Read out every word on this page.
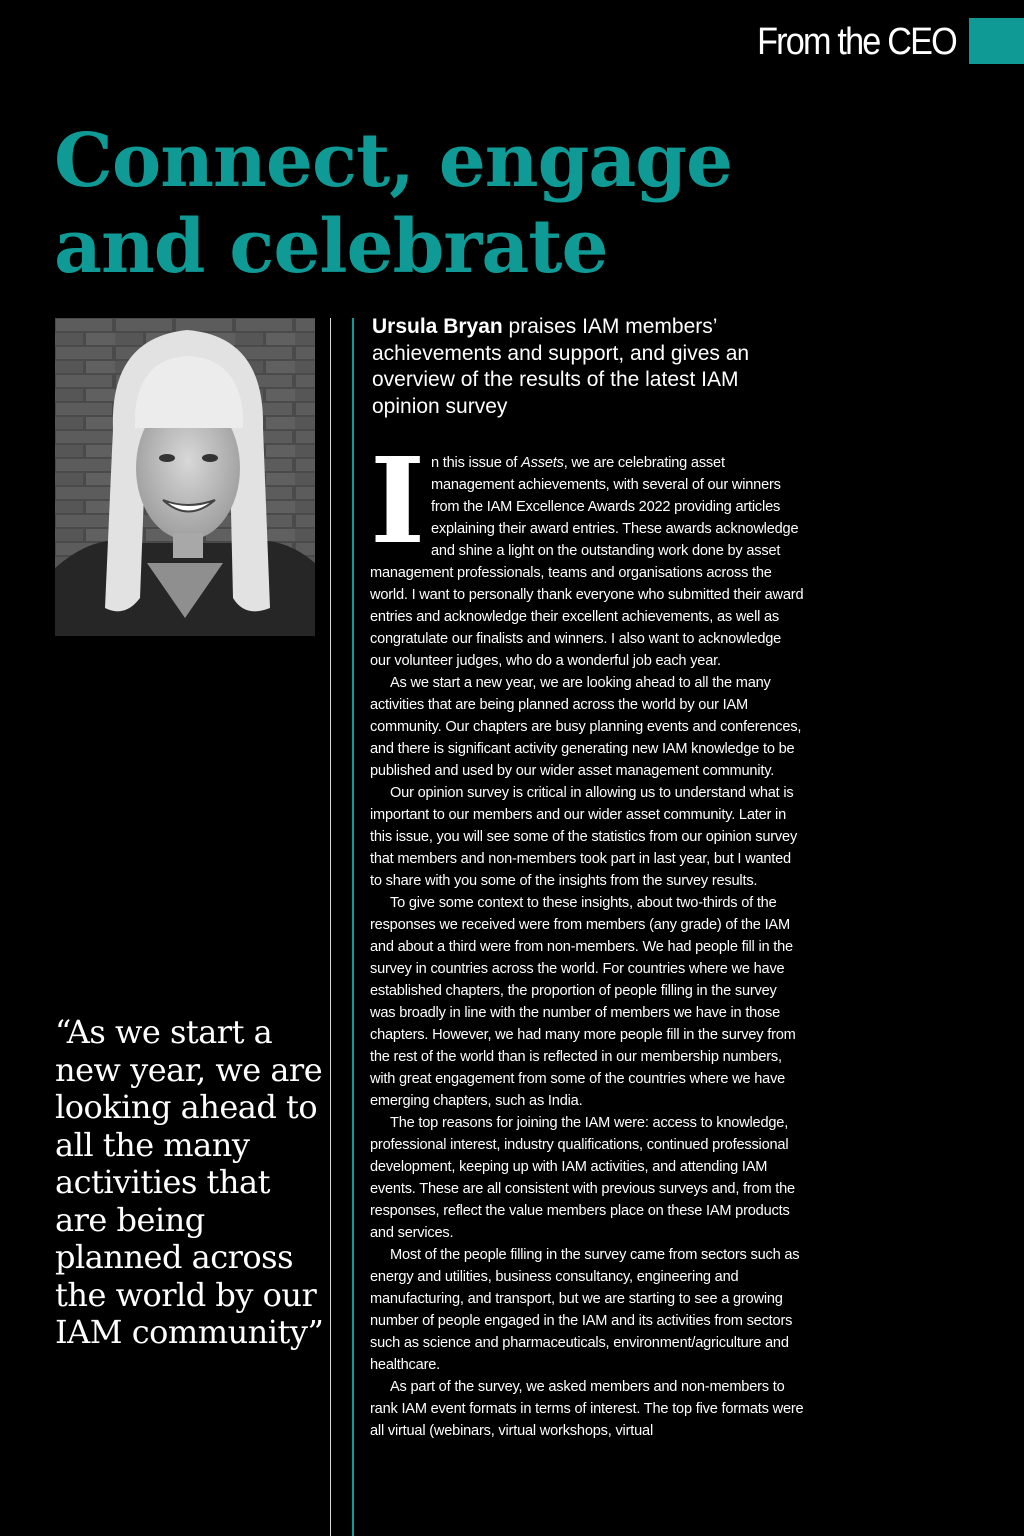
From the CEO
Connect, engage
and celebrate

Ursula Bryan praises IAM members’ achievements and support, and gives an overview of the results of the latest IAM opinion survey

In this issue of Assets, we are celebrating asset management achievements, with several of our winners from the IAM Excellence Awards 2022 providing articles explaining their award entries. These awards acknowledge and shine a light on the outstanding work done by asset management professionals, teams and organisations across the world. I want to personally thank everyone who submitted their award entries and acknowledge their excellent achievements, as well as congratulate our finalists and winners. I also want to acknowledge our volunteer judges, who do a wonderful job each year.

As we start a new year, we are looking ahead to all the many activities that are being planned across the world by our IAM community. Our chapters are busy planning events and conferences, and there is significant activity generating new IAM knowledge to be published and used by our wider asset management community.

Our opinion survey is critical in allowing us to understand what is important to our members and our wider asset community. Later in this issue, you will see some of the statistics from our opinion survey that members and non-members took part in last year, but I wanted to share with you some of the insights from the survey results.

To give some context to these insights, about two-thirds of the responses we received were from members (any grade) of the IAM and about a third were from non-members. We had people fill in the survey in countries across the world. For countries where we have established chapters, the proportion of people filling in the survey was broadly in line with the number of members we have in those chapters. However, we had many more people fill in the survey from the rest of the world than is reflected in our membership numbers, with great engagement from some of the countries where we have emerging chapters, such as India.

The top reasons for joining the IAM were: access to knowledge, professional interest, industry qualifications, continued professional development, keeping up with IAM activities, and attending IAM events. These are all consistent with previous surveys and, from the responses, reflect the value members place on these IAM products and services.

Most of the people filling in the survey came from sectors such as energy and utilities, business consultancy, engineering and manufacturing, and transport, but we are starting to see a growing number of people engaged in the IAM and its activities from sectors such as science and pharmaceuticals, environment/agriculture and healthcare.

As part of the survey, we asked members and non-members to rank IAM event formats in terms of interest. The top five formats were all virtual (webinars, virtual workshops, virtual

“As we start a new year, we are looking ahead to all the many activities that are being planned across the world by our IAM community”
